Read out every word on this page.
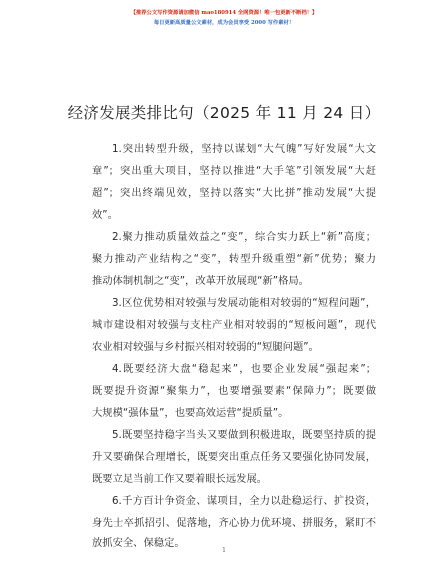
【推荐公文写作资源请加微信 mao180914 全网资源！唯一包更新不断档！】
每日更新高质量公文素材，成为会员享受 2000 写作素材！
经济发展类排比句（2025 年 11 月 24 日）
1.突出转型升级，坚持以谋划“大气魄”写好发展“大文
章”；突出重大项目，坚持以推进“大手笔”引领发展“大赶
超”；突出终端见效，坚持以落实“大比拼”推动发展“大提
效”。
2.聚力推动质量效益之“变”，综合实力跃上“新”高度；
聚力推动产业结构之“变”，转型升级重塑“新”优势；聚力
推动体制机制之“变”，改革开放展现“新”格局。
3.区位优势相对较强与发展动能相对较弱的“短程问题”，
城市建设相对较强与支柱产业相对较弱的“短板问题”，现代
农业相对较强与乡村振兴相对较弱的“短腿问题”。
4.既要经济大盘“稳起来”，也要企业发展“强起来”；
既要提升资源“聚集力”，也要增强要素“保障力”；既要做
大规模“强体量”，也要高效运营“提质量”。
5.既要坚持稳字当头又要做到积极进取，既要坚持质的提
升又要确保合理增长，既要突出重点任务又要强化协同发展，
既要立足当前工作又要着眼长远发展。
6.千方百计争资金、谋项目，全力以赴稳运行、扩投资，
身先士卒抓招引、促落地，齐心协力优环境、拼服务，紧盯不
放抓安全、保稳定。
1
